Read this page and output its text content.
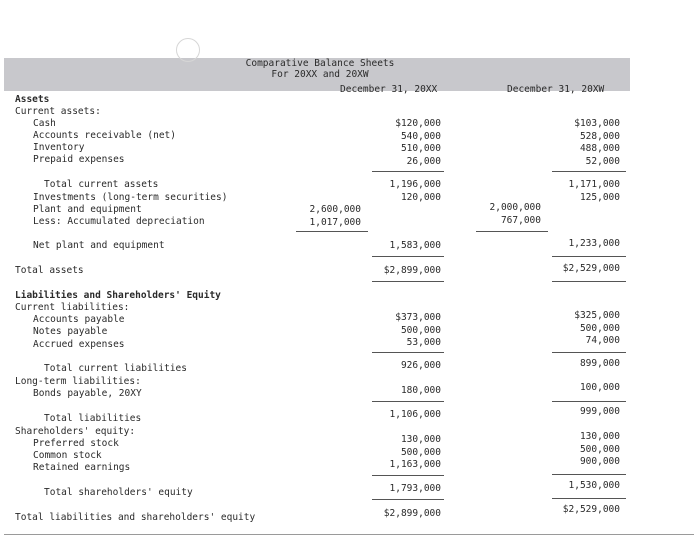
Comparative Balance Sheets
For 20XX and 20XW
December 31, 20XX	December 31, 20XW
Assets
Current assets:
Cash
Accounts receivable (net)
Inventory
Prepaid expenses
Total current assets
Investments (long-term securities)
Plant and equipment
Less: Accumulated depreciation
Net plant and equipment
Total assets
Liabilities and Shareholders' Equity
Current liabilities:
Accounts payable
Notes payable
Accrued expenses
Total current liabilities
Long-term liabilities:
Bonds payable, 20XY
Total liabilities
Shareholders' equity:
Preferred stock
Common stock
Retained earnings
Total shareholders' equity
Total liabilities and shareholders' equity
$120,000
540,000
510,000
26,000
1,196,000
120,000
2,600,000
1,017,000
1,583,000
$2,899,000
$373,000
500,000
53,000
926,000
180,000
1,106,000
130,000
500,000
1,163,000
1,793,000
$2,899,000
$103,000
528,000
488,000
52,000
1,171,000
125,000
2,000,000
767,000
1,233,000
$2,529,000
$325,000
500,000
74,000
899,000
100,000
999,000
130,000
500,000
900,000
1,530,000
$2,529,000
